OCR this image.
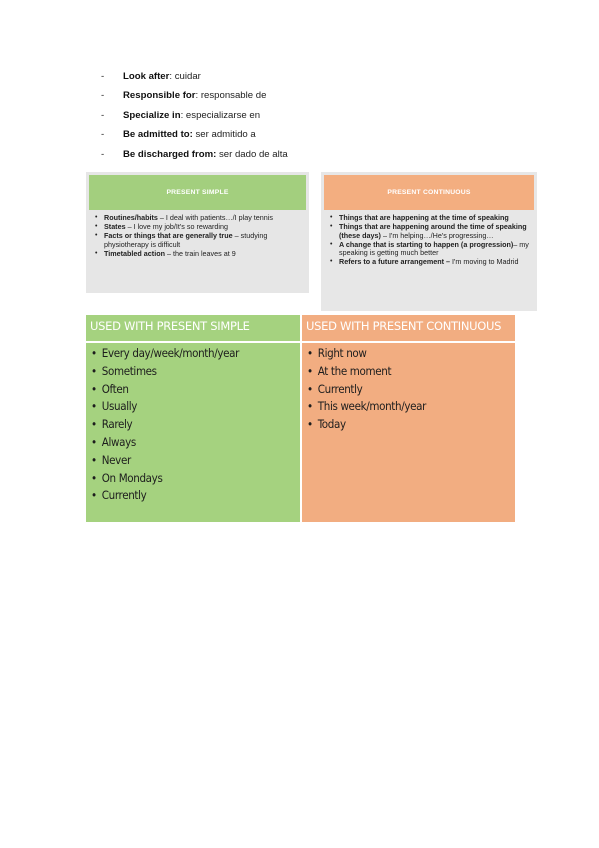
- Look after: cuidar
- Responsible for: responsable de
- Specialize in: especializarse en
- Be admitted to: ser admitido a
- Be discharged from: ser dado de alta
PRESENT SIMPLE
• Routines/habits – I deal with patients…/I play tennis
• States – I love my job/It's so rewarding
• Facts or things that are generally true – studying physiotherapy is difficult
• Timetabled action – the train leaves at 9
PRESENT CONTINUOUS
• Things that are happening at the time of speaking
• Things that are happening around the time of speaking (these days) – I'm helping…/He's progressing…
• A change that is starting to happen (a progression)– my speaking is getting much better
• Refers to a future arrangement – I'm moving to Madrid
USED WITH PRESENT SIMPLE
• Every day/week/month/year
• Sometimes
• Often
• Usually
• Rarely
• Always
• Never
• On Mondays
• Currently
USED WITH PRESENT CONTINUOUS
• Right now
• At the moment
• Currently
• This week/month/year
• Today
